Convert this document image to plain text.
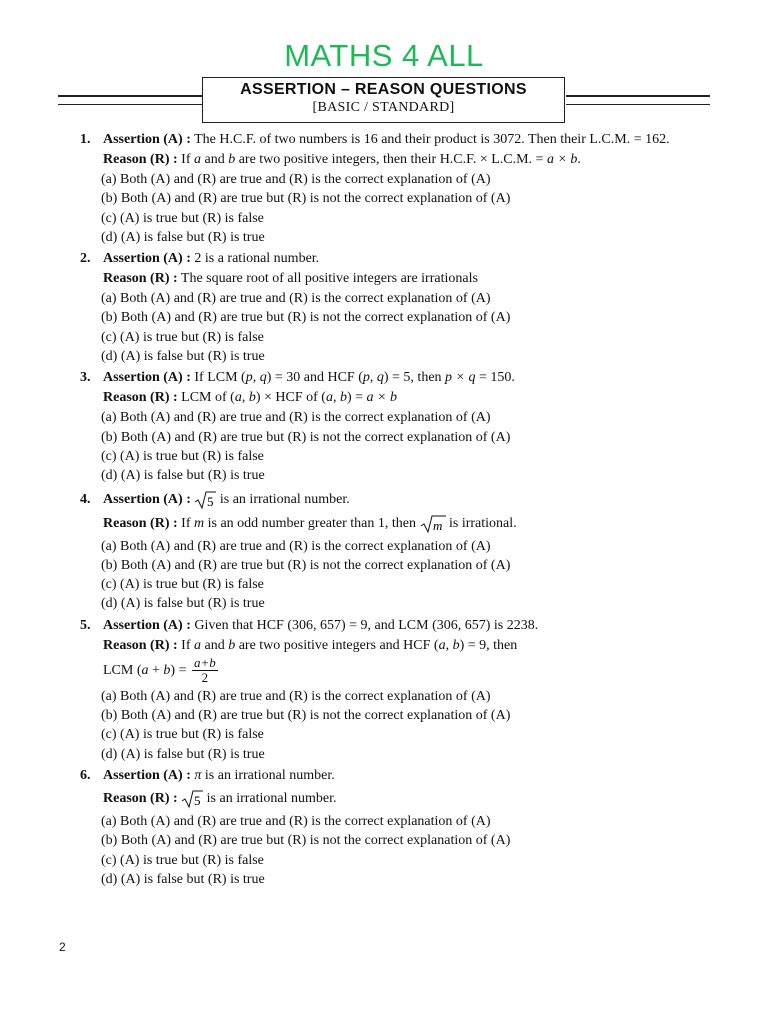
MATHS 4 ALL
ASSERTION – REASON QUESTIONS
[BASIC / STANDARD]
1. Assertion (A) : The H.C.F. of two numbers is 16 and their product is 3072. Then their L.C.M. = 162.
Reason (R) : If a and b are two positive integers, then their H.C.F. × L.C.M. = a × b.
(a) Both (A) and (R) are true and (R) is the correct explanation of (A)
(b) Both (A) and (R) are true but (R) is not the correct explanation of (A)
(c) (A) is true but (R) is false
(d) (A) is false but (R) is true
2. Assertion (A) : 2 is a rational number.
Reason (R) : The square root of all positive integers are irrationals
(a) Both (A) and (R) are true and (R) is the correct explanation of (A)
(b) Both (A) and (R) are true but (R) is not the correct explanation of (A)
(c) (A) is true but (R) is false
(d) (A) is false but (R) is true
3. Assertion (A) : If LCM (p, q) = 30 and HCF (p, q) = 5, then p × q = 150.
Reason (R) : LCM of (a, b) × HCF of (a, b) = a × b
(a) Both (A) and (R) are true and (R) is the correct explanation of (A)
(b) Both (A) and (R) are true but (R) is not the correct explanation of (A)
(c) (A) is true but (R) is false
(d) (A) is false but (R) is true
4. Assertion (A) : 5 is an irrational number.
Reason (R) : If m is an odd number greater than 1, then m is irrational.
(a) Both (A) and (R) are true and (R) is the correct explanation of (A)
(b) Both (A) and (R) are true but (R) is not the correct explanation of (A)
(c) (A) is true but (R) is false
(d) (A) is false but (R) is true
5. Assertion (A) : Given that HCF (306, 657) = 9, and LCM (306, 657) is 2238.
Reason (R) : If a and b are two positive integers and HCF (a, b) = 9, then
LCM $(a + b) = \frac{a+b}{2}$
(a) Both (A) and (R) are true and (R) is the correct explanation of (A)
(b) Both (A) and (R) are true but (R) is not the correct explanation of (A)
(c) (A) is true but (R) is false
(d) (A) is false but (R) is true
6. Assertion (A) : π is an irrational number.
Reason (R) : 5 is an irrational number.
(a) Both (A) and (R) are true and (R) is the correct explanation of (A)
(b) Both (A) and (R) are true but (R) is not the correct explanation of (A)
(c) (A) is true but (R) is false
(d) (A) is false but (R) is true
2
